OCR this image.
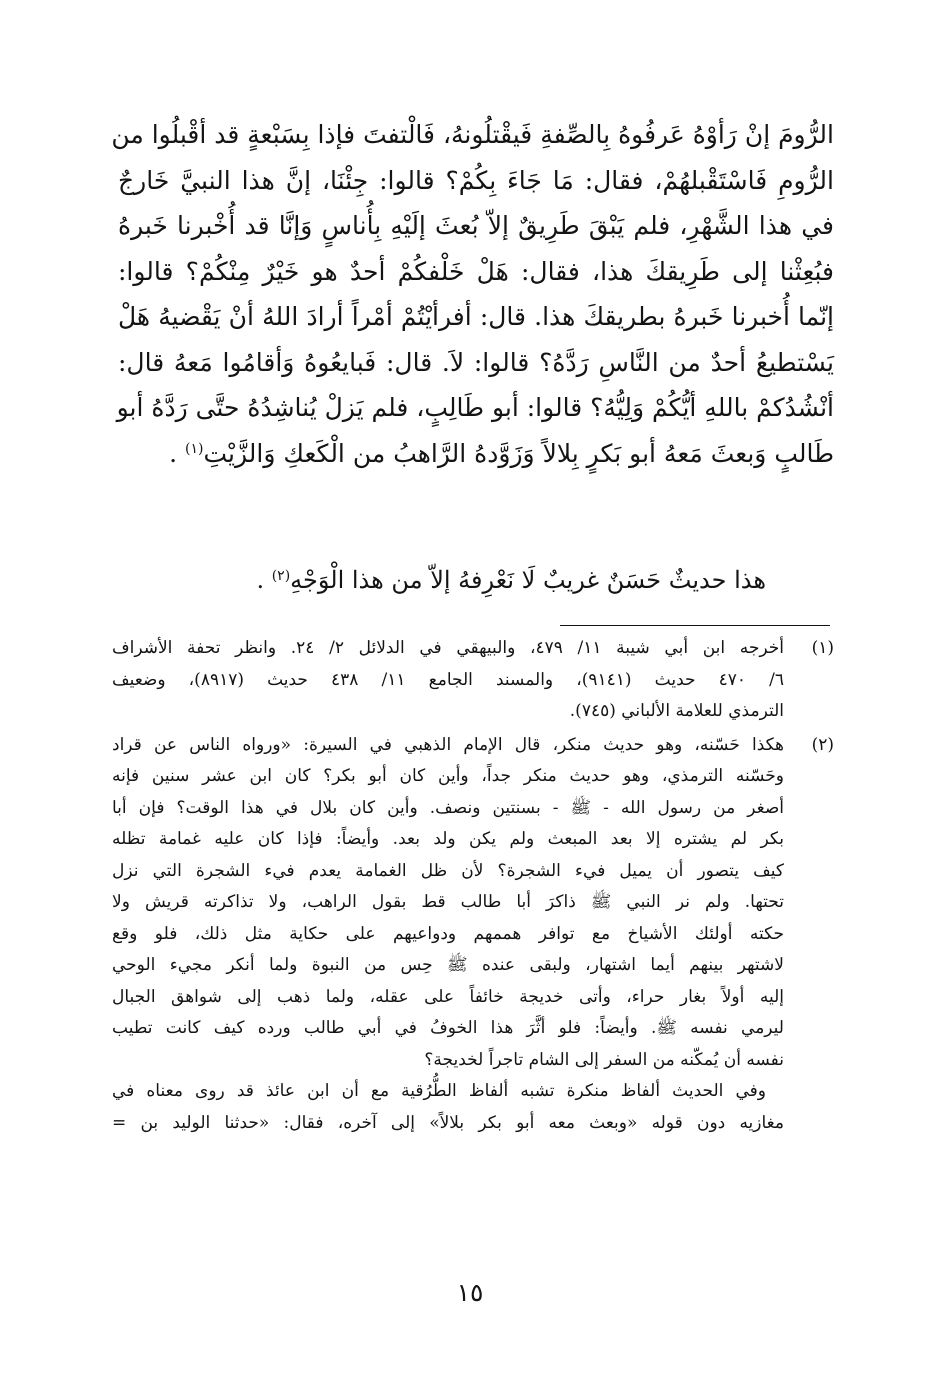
الرُّومَ إنْ رَأوْهُ عَرفُوهُ بِالصِّفةِ فَيقْتلُونهُ، فَالْتفتَ فإذا بِسَبْعةٍ قد أقْبلُوا من
الرُّومِ فَاسْتَقْبلهُمْ، فقال: مَا جَاءَ بِكُمْ؟ قالوا: جِئْنَا، إنَّ هذا النبيَّ خَارجٌ
في هذا الشَّهْرِ، فلم يَبْقَ طَرِيقٌ إلاّ بُعثَ إلَيْهِ بِأُناسٍ وَإنَّا قد أُخْبرنا خَبرهُ
فبُعِثْنا إلى طَرِيقكَ هذا، فقال: هَلْ خَلْفكُمْ أحدٌ هو خَيْرٌ مِنْكُمْ؟ قالوا:
إنّما أُخبرنا خَبرهُ بطريقكَ هذا. قال: أفرأيْتُمْ أمْراً أرادَ اللهُ أنْ يَقْضيهُ هَلْ
يَسْتطيعُ أحدٌ من النَّاسِ رَدَّهُ؟ قالوا: لاَ. قال: فَبايعُوهُ وَأقامُوا مَعهُ قال:
أنْشُدُكمْ باللهِ أيُّكُمْ وَلِيُّهُ؟ قالوا: أبو طَالِبٍ، فلم يَزلْ يُناشِدُهُ حتَّى رَدَّهُ أبو
طَالبٍ وَبعثَ مَعهُ أبو بَكرٍ بِلالاً وَزَوَّدهُ الرَّاهبُ من الْكَعكِ وَالزَّيْتِ$^{(١)}$ .

هذا حديثٌ حَسَنٌ غريبٌ لَا نَعْرِفهُ إلاّ من هذا الْوَجْهِ$^{(٢)}$ .

(١)
أخرجه ابن أبي شيبة ١١/ ٤٧٩، والبيهقي في الدلائل ٢/ ٢٤. وانظر تحفة الأشراف
٦/ ٤٧٠ حديث (٩١٤١)، والمسند الجامع ١١/ ٤٣٨ حديث (٨٩١٧)، وضعيف
الترمذي للعلامة الألباني (٧٤٥).
(٢)
هكذا حَسّنه، وهو حديث منكر، قال الإمام الذهبي في السيرة: «ورواه الناس عن قراد
وحَسّنه الترمذي، وهو حديث منكر جداً، وأين كان أبو بكر؟ كان ابن عشر سنين فإنه
أصغر من رسول الله - ﷺ - بسنتين ونصف. وأين كان بلال في هذا الوقت؟ فإن أبا
بكر لم يشتره إلا بعد المبعث ولم يكن ولد بعد. وأيضاً: فإذا كان عليه غمامة تظله
كيف يتصور أن يميل فيء الشجرة؟ لأن ظل الغمامة يعدم فيء الشجرة التي نزل
تحتها. ولم نر النبي ﷺ ذاكرَ أبا طالب قط بقول الراهب، ولا تذاكرته قريش ولا
حكته أولئك الأشياخ مع توافر هممهم ودواعيهم على حكاية مثل ذلك، فلو وقع
لاشتهر بينهم أيما اشتهار، ولبقى عنده ﷺ حِس من النبوة ولما أنكر مجيء الوحي
إليه أولاً بغار حراء، وأتى خديجة خائفاً على عقله، ولما ذهب إلى شواهق الجبال
ليرمي نفسه ﷺ. وأيضاً: فلو أثَّرَ هذا الخوفُ في أبي طالب ورده كيف كانت تطيب
نفسه أن يُمكّنه من السفر إلى الشام تاجراً لخديجة؟
وفي الحديث ألفاظ منكرة تشبه ألفاظ الطُّرُقية مع أن ابن عائذ قد روى معناه في
مغازيه دون قوله «وبعث معه أبو بكر بلالاً» إلى آخره، فقال: «حدثنا الوليد بن =
١٥
